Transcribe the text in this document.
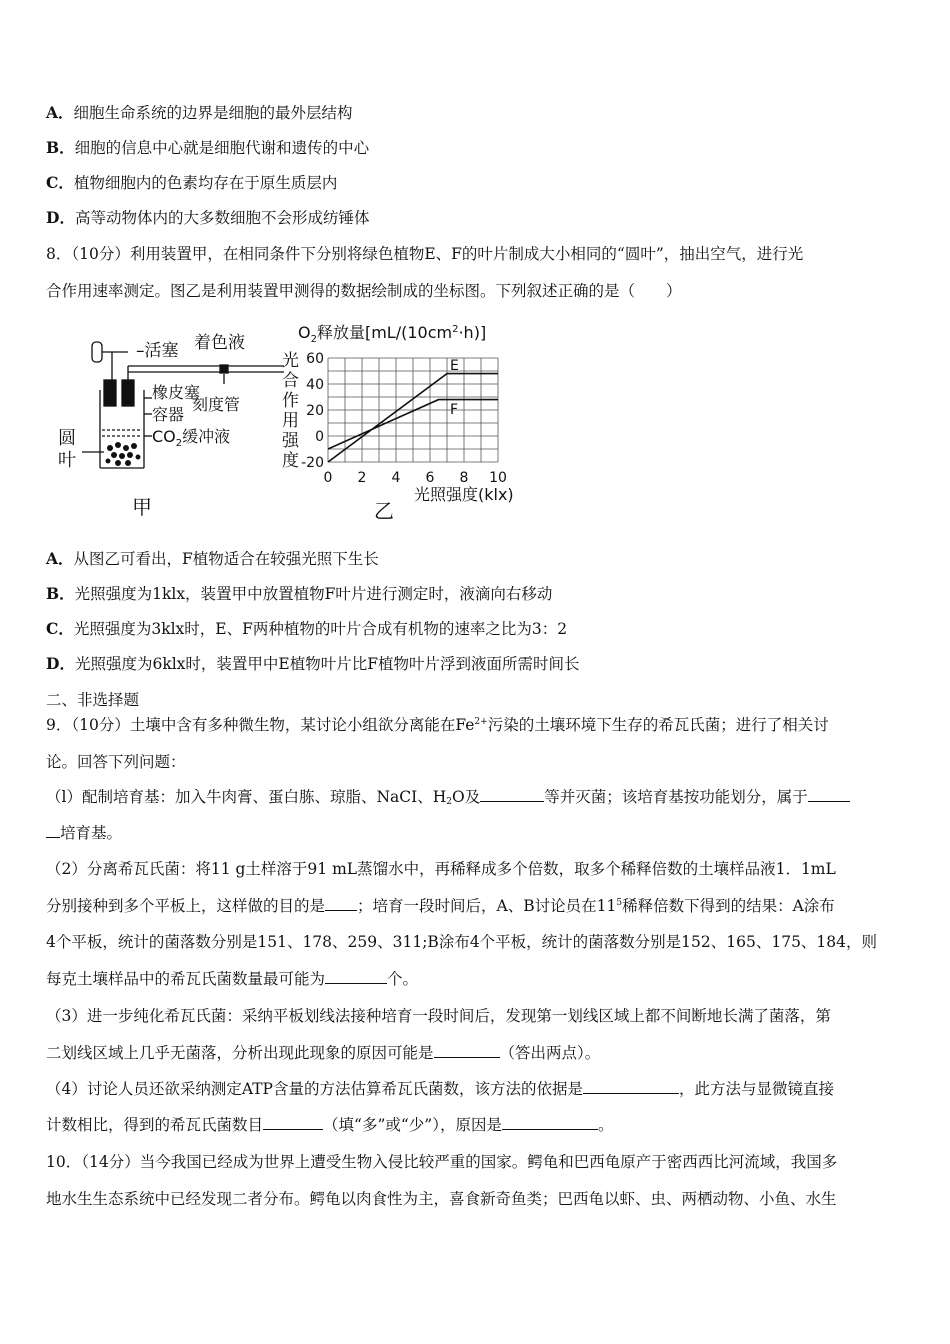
A．细胞生命系统的边界是细胞的最外层结构
B．细胞的信息中心就是细胞代谢和遗传的中心
C．植物细胞内的色素均存在于原生质层内
D．高等动物体内的大多数细胞不会形成纺锤体
8．（10分）利用装置甲，在相同条件下分别将绿色植物E、F的叶片制成大小相同的“圆叶”，抽出空气，进行光
合作用速率测定。图乙是利用装置甲测得的数据绘制成的坐标图。下列叙述正确的是（　　）
–活塞 着色液
橡皮塞
刻度管
容器
$CO_2$缓冲液
圆
叶
甲
E
F
60
40
20
0
-20
0 2 4 6 8 10
光照强度(klx)
$O_2$释放量$[mL/(10cm^2\cdot h)]$
光
合
作
用
强
度
乙
A．从图乙可看出，F植物适合在较强光照下生长
B．光照强度为1klx，装置甲中放置植物F叶片进行测定时，液滴向右移动
C．光照强度为3klx时，E、F两种植物的叶片合成有机物的速率之比为3：2
D．光照强度为6klx时，装置甲中E植物叶片比F植物叶片浮到液面所需时间长
二、非选择题
9．（10分）土壤中含有多种微生物，某讨论小组欲分离能在$Fe^{2+}$污染的土壤环境下生存的希瓦氏菌；进行了相关讨
论。回答下列问题：
（l）配制培育基：加入牛肉膏、蛋白胨、琼脂、NaCI、$H_2O$及	等并灭菌；该培育基按功能划分，属于
培育基。
（2）分离希瓦氏菌：将11 g土样溶于91 mL蒸馏水中，再稀释成多个倍数，取多个稀释倍数的土壤样品液1．1mL
分别接种到多个平板上，这样做的目的是 ；培育一段时间后，A、B讨论员在$11^5$稀释倍数下得到的结果：A涂布
4个平板，统计的菌落数分别是151、178、259、311;B涂布4个平板，统计的菌落数分别是152、165、175、184，则
每克土壤样品中的希瓦氏菌数量最可能为	个。
（3）进一步纯化希瓦氏菌：采纳平板划线法接种培育一段时间后，发现第一划线区域上都不间断地长满了菌落，第
二划线区域上几乎无菌落，分析出现此现象的原因可能是	（答出两点）。
（4）讨论人员还欲采纳测定ATP含量的方法估算希瓦氏菌数，该方法的依据是	，此方法与显微镜直接
计数相比，得到的希瓦氏菌数目	（填“多”或“少”），原因是	。
10．（14分）当今我国已经成为世界上遭受生物入侵比较严重的国家。鳄龟和巴西龟原产于密西西比河流域，我国多
地水生生态系统中已经发现二者分布。鳄龟以肉食性为主，喜食新奇鱼类；巴西龟以虾、虫、两栖动物、小鱼、水生
